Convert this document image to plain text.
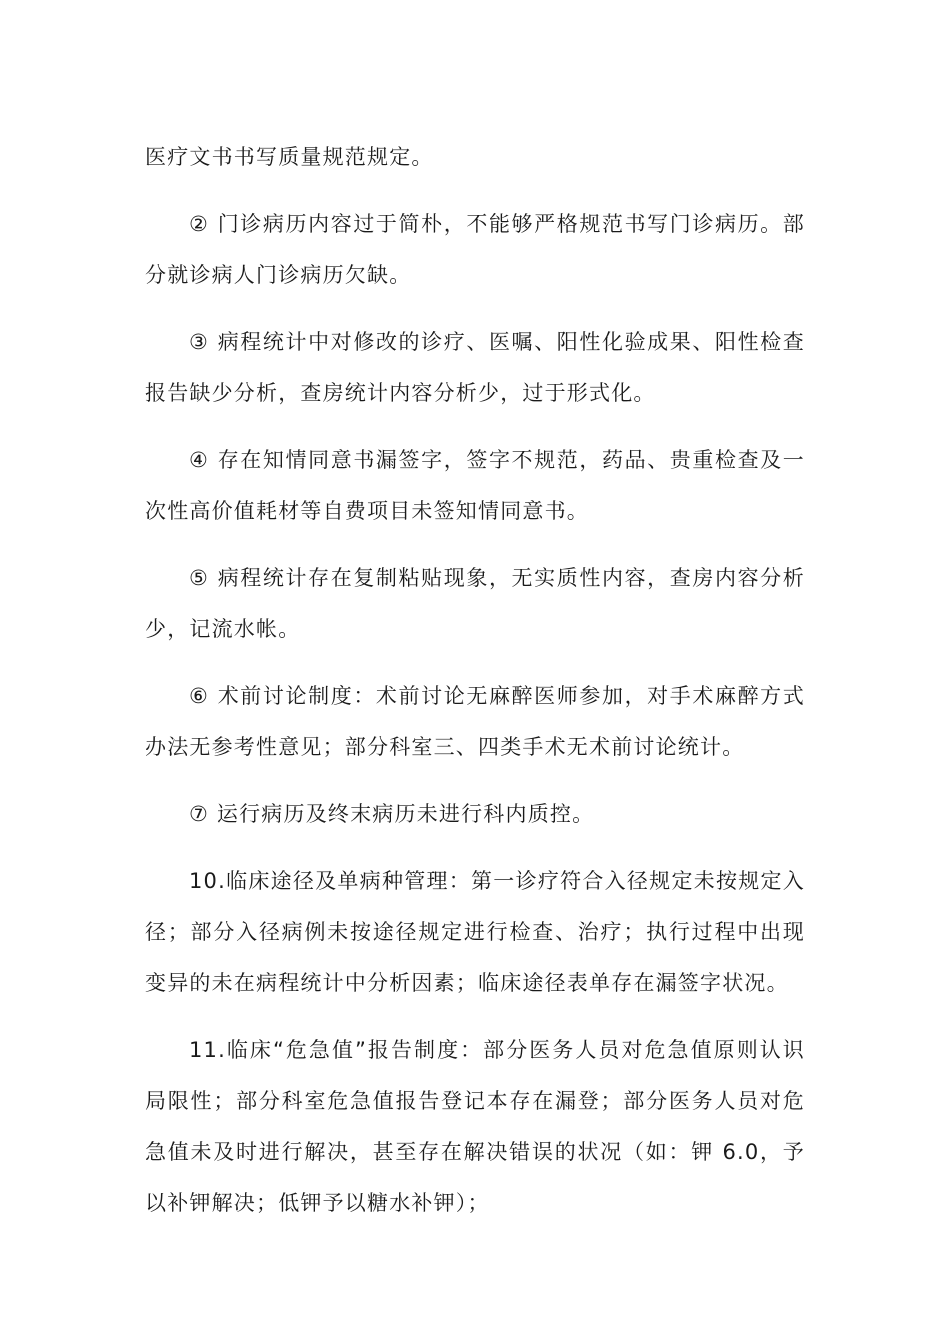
医疗文书书写质量规范规定。

② 门诊病历内容过于简朴，不能够严格规范书写门诊病历。部分就诊病人门诊病历欠缺。

③ 病程统计中对修改的诊疗、医嘱、阳性化验成果、阳性检查报告缺少分析，查房统计内容分析少，过于形式化。

④ 存在知情同意书漏签字，签字不规范，药品、贵重检查及一次性高价值耗材等自费项目未签知情同意书。

⑤ 病程统计存在复制粘贴现象，无实质性内容，查房内容分析少，记流水帐。

⑥ 术前讨论制度：术前讨论无麻醉医师参加，对手术麻醉方式办法无参考性意见；部分科室三、四类手术无术前讨论统计。

⑦ 运行病历及终末病历未进行科内质控。

10.临床途径及单病种管理：第一诊疗符合入径规定未按规定入径；部分入径病例未按途径规定进行检查、治疗；执行过程中出现变异的未在病程统计中分析因素；临床途径表单存在漏签字状况。

11.临床“危急值”报告制度：部分医务人员对危急值原则认识局限性；部分科室危急值报告登记本存在漏登；部分医务人员对危急值未及时进行解决，甚至存在解决错误的状况（如：钾 6.0，予以补钾解决；低钾予以糖水补钾）；
